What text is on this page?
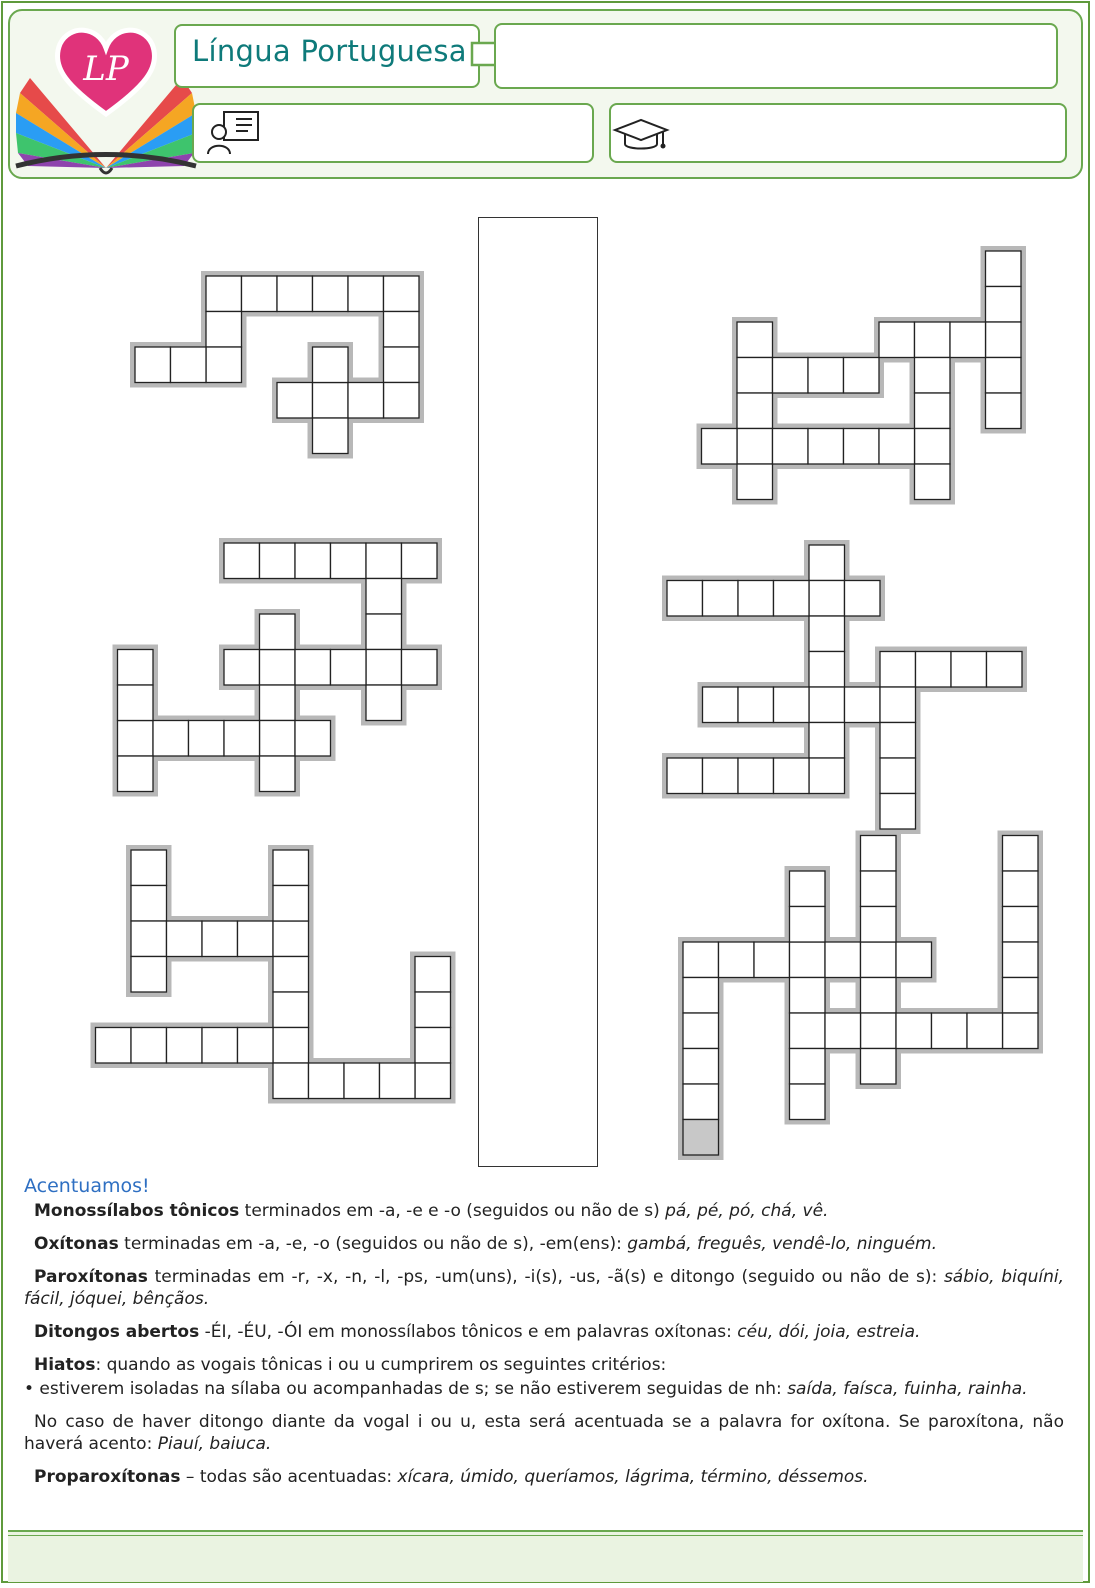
LP Língua Portuguesa
Acentuamos!

Monossílabos tônicos terminados em -a, -e e -o (seguidos ou não de s) pá, pé, pó, chá, vê.

Oxítonas terminadas em -a, -e, -o (seguidos ou não de s), -em(ens): gambá, freguês, vendê-lo, ninguém.

Paroxítonas terminadas em -r, -x, -n, -l, -ps, -um(uns), -i(s), -us, -ã(s) e ditongo (seguido ou não de s): sábio, biquíni, fácil, jóquei, bênçãos.

Ditongos abertos -ÉI, -ÉU, -ÓI em monossílabos tônicos e em palavras oxítonas: céu, dói, joia, estreia.

Hiatos: quando as vogais tônicas i ou u cumprirem os seguintes critérios:

• estiverem isoladas na sílaba ou acompanhadas de s; se não estiverem seguidas de nh: saída, faísca, fuinha, rainha.

No caso de haver ditongo diante da vogal i ou u, esta será acentuada se a palavra for oxítona. Se paroxítona, não haverá acento: Piauí, baiuca.

Proparoxítonas – todas são acentuadas: xícara, úmido, queríamos, lágrima, término, déssemos.
